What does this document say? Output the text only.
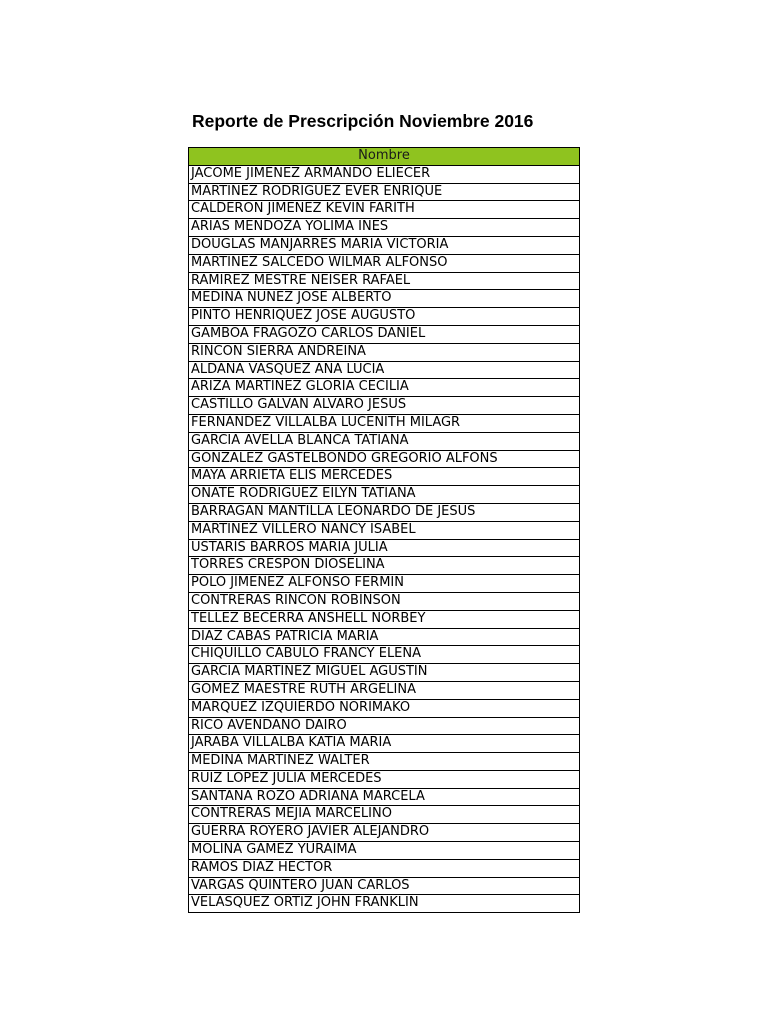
Reporte de Prescripción Noviembre 2016
Nombre
JACOME JIMENEZ ARMANDO ELIECER
MARTINEZ RODRIGUEZ EVER ENRIQUE
CALDERON JIMENEZ KEVIN FARITH
ARIAS MENDOZA YOLIMA INES
DOUGLAS MANJARRES MARIA VICTORIA
MARTINEZ SALCEDO WILMAR ALFONSO
RAMIREZ MESTRE NEISER RAFAEL
MEDINA NUNEZ JOSE ALBERTO
PINTO HENRIQUEZ JOSE AUGUSTO
GAMBOA FRAGOZO CARLOS DANIEL
RINCON SIERRA ANDREINA
ALDANA VASQUEZ ANA LUCIA
ARIZA MARTINEZ GLORIA CECILIA
CASTILLO GALVAN ALVARO JESUS
FERNANDEZ VILLALBA LUCENITH MILAGR
GARCIA AVELLA BLANCA TATIANA
GONZALEZ GASTELBONDO GREGORIO ALFONS
MAYA ARRIETA ELIS MERCEDES
ONATE RODRIGUEZ EILYN TATIANA
BARRAGAN MANTILLA LEONARDO DE JESUS
MARTINEZ VILLERO NANCY ISABEL
USTARIS BARROS MARIA JULIA
TORRES CRESPON DIOSELINA
POLO JIMENEZ ALFONSO FERMIN
CONTRERAS RINCON ROBINSON
TELLEZ BECERRA ANSHELL NORBEY
DIAZ CABAS PATRICIA MARIA
CHIQUILLO CABULO FRANCY ELENA
GARCIA MARTINEZ MIGUEL AGUSTIN
GOMEZ MAESTRE RUTH ARGELINA
MARQUEZ IZQUIERDO NORIMAKO
RICO AVENDANO DAIRO
JARABA VILLALBA KATIA MARIA
MEDINA MARTINEZ WALTER
RUIZ LOPEZ JULIA MERCEDES
SANTANA ROZO ADRIANA MARCELA
CONTRERAS MEJIA MARCELINO
GUERRA ROYERO JAVIER ALEJANDRO
MOLINA GAMEZ YURAIMA
RAMOS DIAZ HECTOR
VARGAS QUINTERO JUAN CARLOS
VELASQUEZ ORTIZ JOHN FRANKLIN
